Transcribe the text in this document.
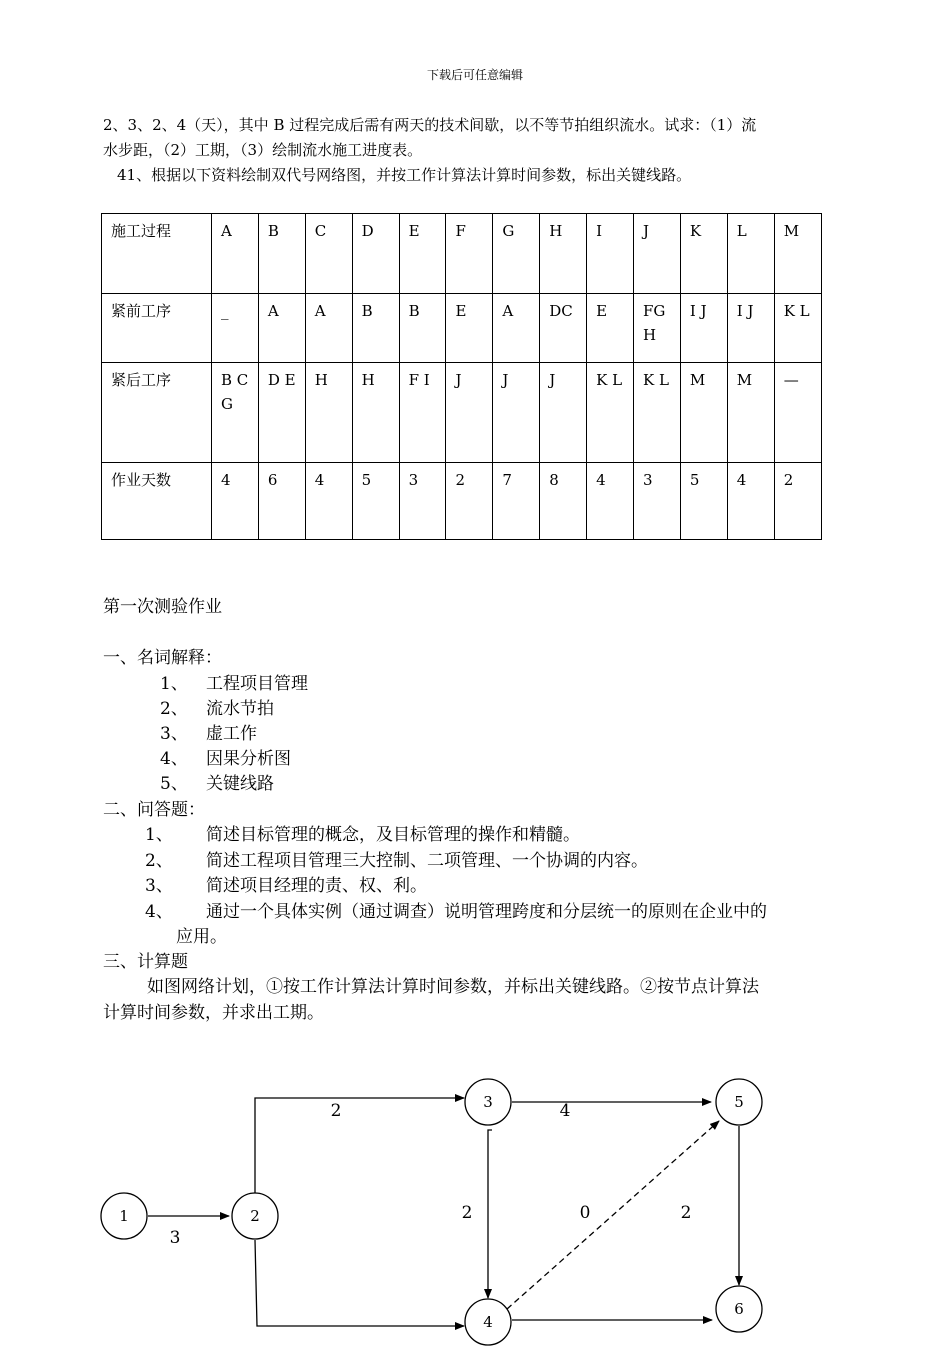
下载后可任意编辑
2、3、2、4（天），其中 B 过程完成后需有两天的技术间歇，以不等节拍组织流水。试求：（1）流
水步距，（2）工期，（3）绘制流水施工进度表。
41、根据以下资料绘制双代号网络图，并按工作计算法计算时间参数，标出关键线路。
施工过程	A	B	C	D	E	F	G	H	I	J	K	L	M
紧前工序	_	A	A	B	B	E	A	DC	E	FG H	I J	I J	K L
紧后工序	B C G	D E	H	H	F I	J	J	J	K L	K L	M	M	—
作业天数	4	6	4	5	3	2	7	8	4	3	5	4	2
第一次测验作业
一、名词解释：
1、 工程项目管理
2、 流水节拍
3、 虚工作
4、 因果分析图
5、 关键线路
二、问答题：
1、 简述目标管理的概念，及目标管理的操作和精髓。
2、 简述工程项目管理三大控制、二项管理、一个协调的内容。
3、 简述项目经理的责、权、利。
4、 通过一个具体实例（通过调查）说明管理跨度和分层统一的原则在企业中的
应用。
三、计算题
如图网络计划，①按工作计算法计算时间参数，并标出关键线路。②按节点计算法
计算时间参数，并求出工期。
1	2
3
4
5
6
3
2	4
2	0	2
